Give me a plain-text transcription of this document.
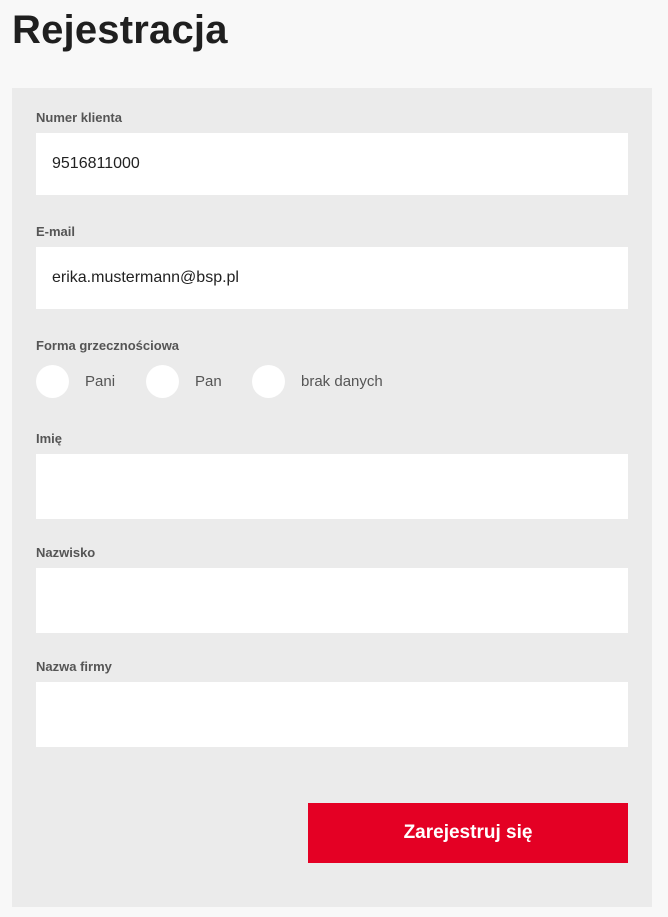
Rejestracja
Numer klienta
9516811000
E-mail
erika.mustermann@bsp.pl
Forma grzecznościowa
Pani	Pan	brak danych
Imię
Nazwisko
Nazwa firmy
Zarejestruj się
